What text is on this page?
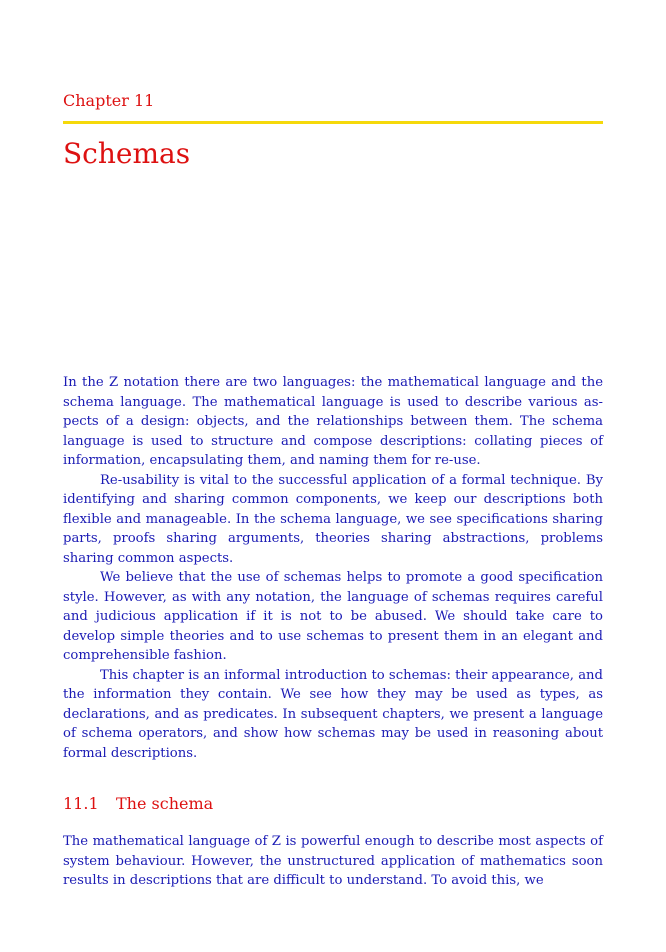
Chapter 11
Schemas

In the Z notation there are two languages: the mathematical language and the schema language. The mathematical language is used to describe various aspects of a design: objects, and the relationships between them. The schema language is used to structure and compose descriptions: collating pieces of information, encapsulating them, and naming them for re-use.

Re-usability is vital to the successful application of a formal technique. By identifying and sharing common components, we keep our descriptions both flexible and manageable. In the schema language, we see specifications sharing parts, proofs sharing arguments, theories sharing abstractions, problems sharing common aspects.

We believe that the use of schemas helps to promote a good specification style. However, as with any notation, the language of schemas requires careful and judicious application if it is not to be abused. We should take care to develop simple theories and to use schemas to present them in an elegant and comprehensible fashion.

This chapter is an informal introduction to schemas: their appearance, and the information they contain. We see how they may be used as types, as declarations, and as predicates. In subsequent chapters, we present a language of schema operators, and show how schemas may be used in reasoning about formal descriptions.

11.1 The schema

The mathematical language of Z is powerful enough to describe most aspects of system behaviour. However, the unstructured application of mathematics soon results in descriptions that are difficult to understand. To avoid this, we
